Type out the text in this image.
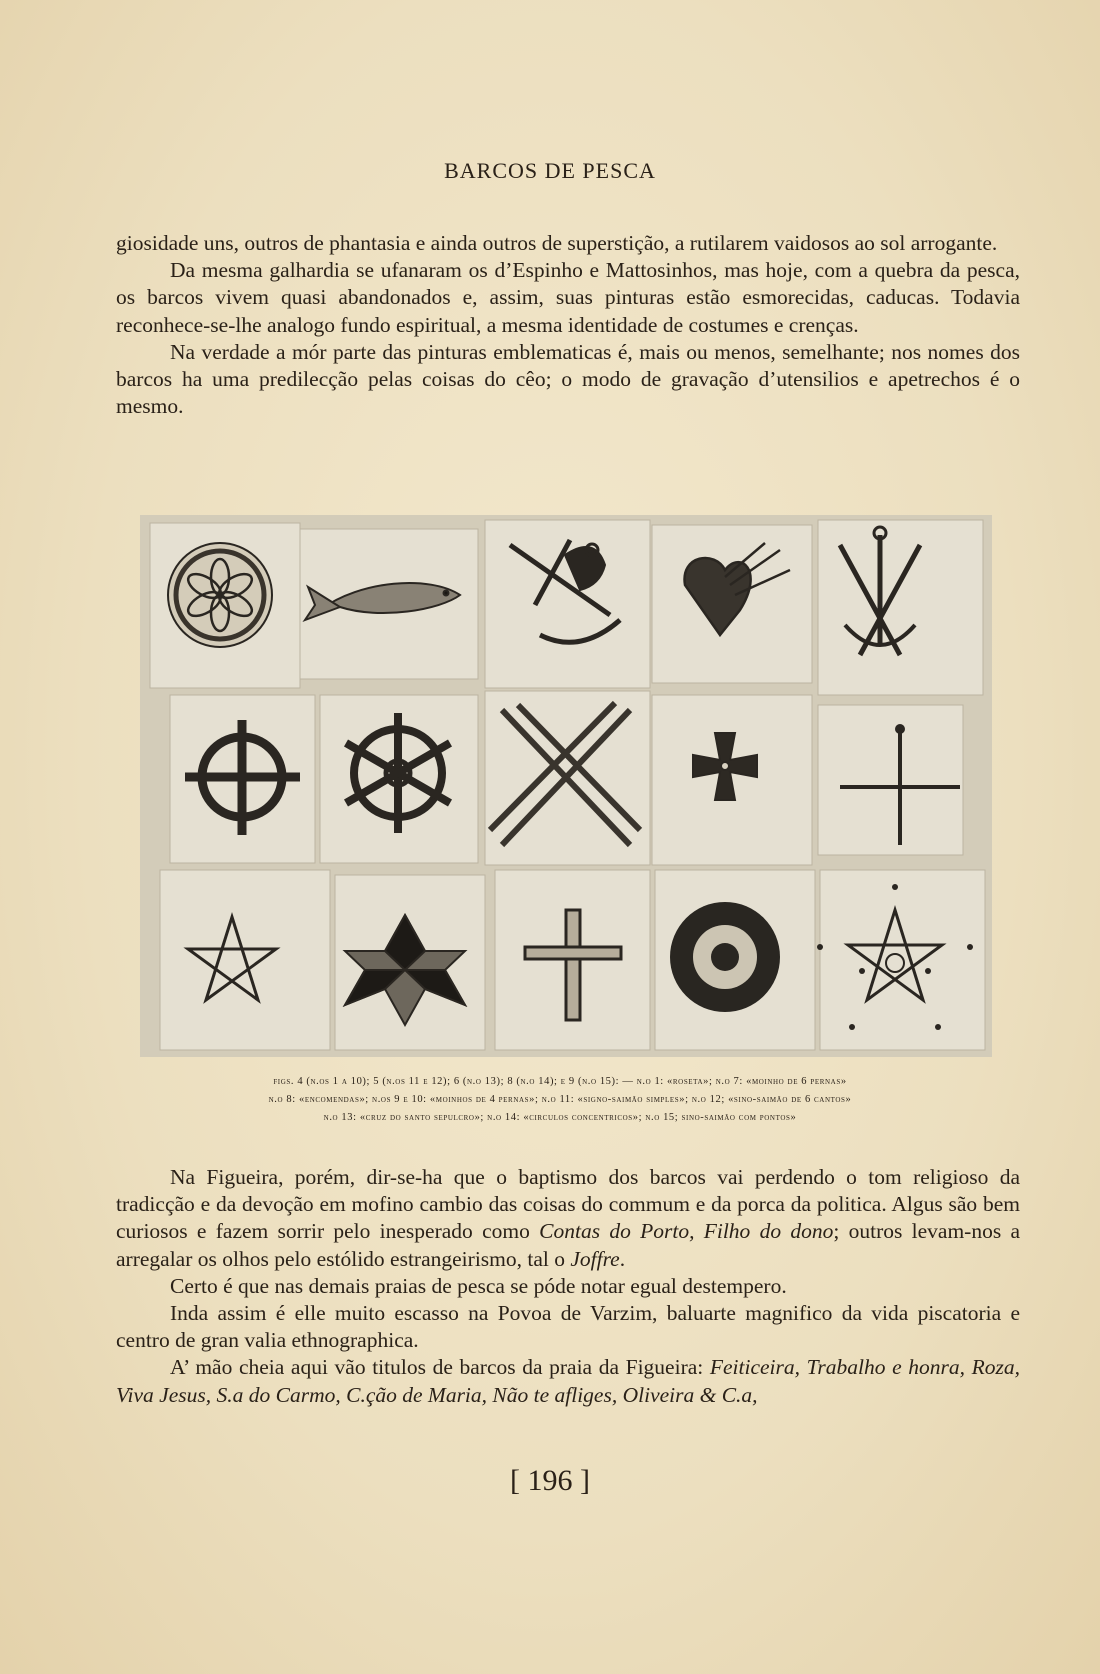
BARCOS DE PESCA

giosidade uns, outros de phantasia e ainda outros de superstição, a rutilarem vaidosos ao sol arrogante.

Da mesma galhardia se ufanaram os d’Espinho e Mattosinhos, mas hoje, com a quebra da pesca, os barcos vivem quasi abandonados e, assim, suas pinturas estão esmorecidas, caducas. Todavia reconhece-se-lhe analogo fundo espiritual, a mesma identidade de costumes e crenças.

Na verdade a mór parte das pinturas emblematicas é, mais ou menos, semelhante; nos nomes dos barcos ha uma predilecção pelas coisas do cêo; o modo de gravação d’utensilios e apetrechos é o mesmo.

figs. 4 (n.os 1 a 10); 5 (n.os 11 e 12); 6 (n.o 13); 8 (n.o 14); e 9 (n.o 15): — n.o 1: «roseta»; n.o 7: «moinho de 6 pernas»
n.o 8: «encomendas»; n.os 9 e 10: «moinhos de 4 pernas»; n.o 11: «signo-saimão simples»; n.o 12; «sino-saimão de 6 cantos»
n.o 13: «cruz do santo sepulcro»; n.o 14: «circulos concentricos»; n.o 15; sino-saimão com pontos»

Na Figueira, porém, dir-se-ha que o baptismo dos barcos vai perdendo o tom religioso da tradicção e da devoção em mofino cambio das coisas do commum e da porca da politica. Algus são bem curiosos e fazem sorrir pelo inesperado como Contas do Porto, Filho do dono; outros levam-nos a arregalar os olhos pelo estólido estrangeirismo, tal o Joffre.

Certo é que nas demais praias de pesca se póde notar egual destempero.

Inda assim é elle muito escasso na Povoa de Varzim, baluarte magnifico da vida piscatoria e centro de gran valia ethnographica.

A’ mão cheia aqui vão titulos de barcos da praia da Figueira: Feiticeira, Trabalho e honra, Roza, Viva Jesus, S.a do Carmo, C.ção de Maria, Não te afliges, Oliveira & C.a,

[ 196 ]
